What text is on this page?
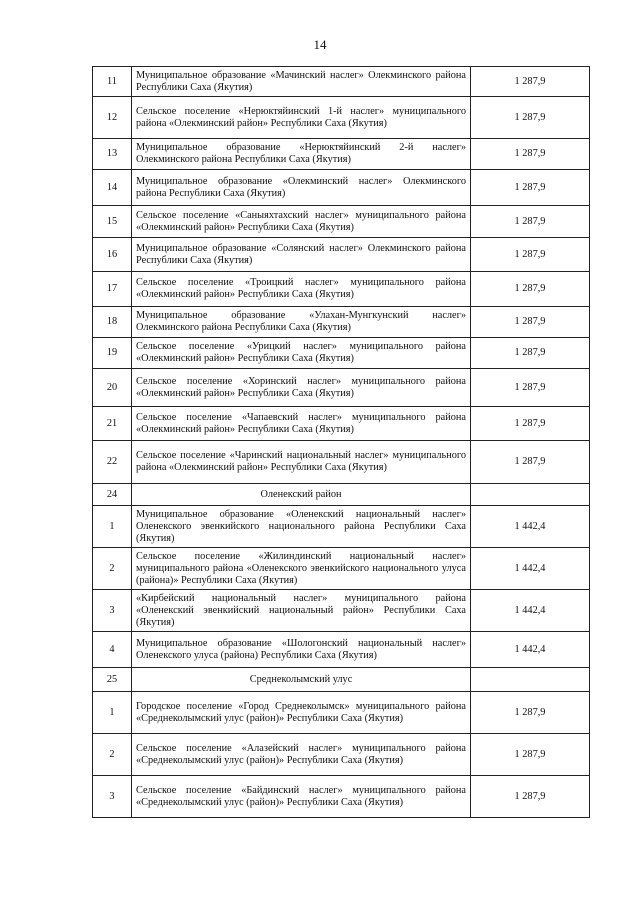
14
11	Муниципальное образование «Мачинский наслег» Олекминского района Республики Саха (Якутия)	1 287,9
12	Сельское поселение «Нерюктяйинский 1-й наслег» муниципального района «Олекминский район» Республики Саха (Якутия)	1 287,9
13	Муниципальное образование «Нерюктяйинский 2-й наслег» Олекминского района Республики Саха (Якутия)	1 287,9
14	Муниципальное образование «Олекминский наслег» Олекминского района Республики Саха (Якутия)	1 287,9
15	Сельское поселение «Саныяхтахский наслег» муниципального района «Олекминский район» Республики Саха (Якутия)	1 287,9
16	Муниципальное образование «Солянский наслег» Олекминского района Республики Саха (Якутия)	1 287,9
17	Сельское поселение «Троицкий наслег» муниципального района «Олекминский район» Республики Саха (Якутия)	1 287,9
18	Муниципальное образование «Улахан-Мунгкунский наслег» Олекминского района Республики Саха (Якутия)	1 287,9
19	Сельское поселение «Урицкий наслег» муниципального района «Олекминский район» Республики Саха (Якутия)	1 287,9
20	Сельское поселение «Хоринский наслег» муниципального района «Олекминский район» Республики Саха (Якутия)	1 287,9
21	Сельское поселение «Чапаевский наслег» муниципального района «Олекминский район» Республики Саха (Якутия)	1 287,9
22	Сельское поселение «Чаринский национальный наслег» муниципального района «Олекминский район» Республики Саха (Якутия)	1 287,9
24	Оленекский район	
1	Муниципальное образование «Оленекский национальный наслег» Оленекского эвенкийского национального района Республики Саха (Якутия)	1 442,4
2	Сельское поселение «Жилиндинский национальный наслег» муниципального района «Оленекского эвенкийского национального улуса (района)» Республики Саха (Якутия)	1 442,4
3	«Кирбейский национальный наслег» муниципального района «Оленекский эвенкийский национальный район» Республики Саха (Якутия)	1 442,4
4	Муниципальное образование «Шологонский национальный наслег» Оленекского улуса (района) Республики Саха (Якутия)	1 442,4
25	Среднеколымский улус	
1	Городское поселение «Город Среднеколымск» муниципального района «Среднеколымский улус (район)» Республики Саха (Якутия)	1 287,9
2	Сельское поселение «Алазейский наслег» муниципального района «Среднеколымский улус (район)» Республики Саха (Якутия)	1 287,9
3	Сельское поселение «Байдинский наслег» муниципального района «Среднеколымский улус (район)» Республики Саха (Якутия)	1 287,9
